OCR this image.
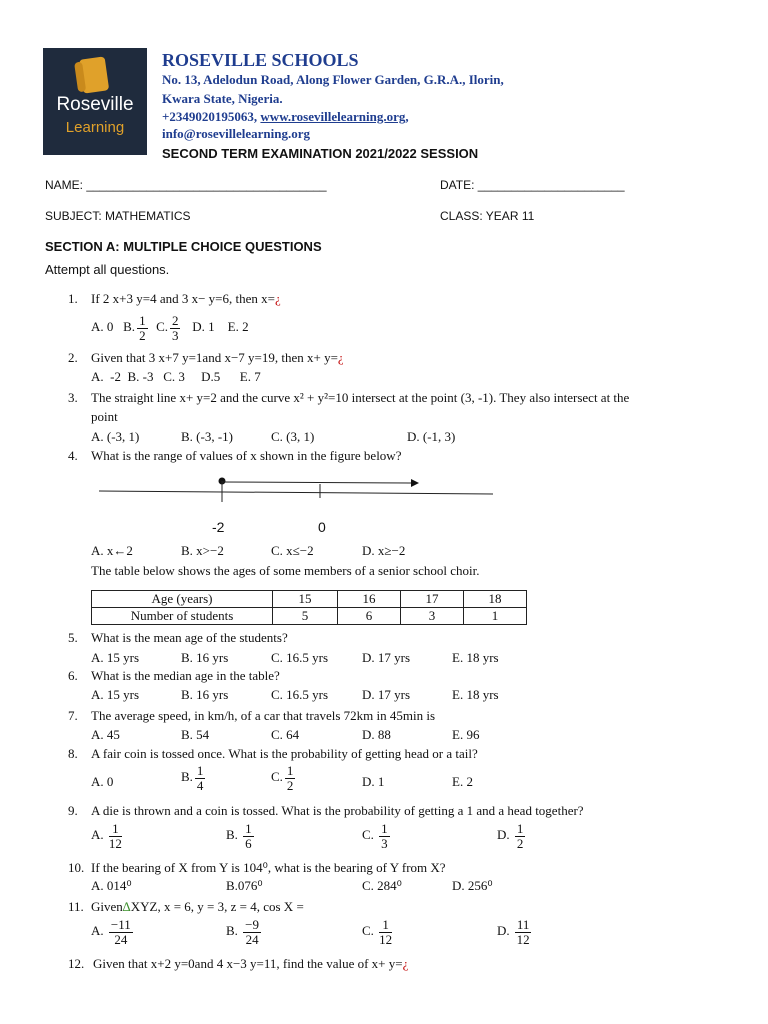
Roseville
Learning
ROSEVILLE SCHOOLS
No. 13, Adelodun Road, Along Flower Garden, G.R.A., Ilorin,
Kwara State, Nigeria.
+2349020195063, www.rosevillelearning.org,
info@rosevillelearning.org
SECOND TERM EXAMINATION 2021/2022 SESSION
NAME: ____________________________________	DATE: ______________________
SUBJECT: MATHEMATICS	CLASS: YEAR 11
SECTION A: MULTIPLE CHOICE QUESTIONS
Attempt all questions.
1. If 2 x+3 y=4 and 3 x− y=6, then x=¿
A. 0 B. $\frac{1}{2} C$. $\frac{2}{3} D$. 1 E. 2
2. Given that 3 x+7 y=1and x−7 y=19, then x+ y=¿
A.  -2  B. -3   C. 3     D.5      E. 7
3. The straight line x+ y=2 and the curve x² + y²=10 intersect at the point (3, -1). They also intersect at the
point
A. (-3, 1)	B. (-3, -1)	C. (3, 1)	D. (-1, 3)
4. What is the range of values of x shown in the figure below?
-2	0
A. x←2	B. x>−2	C. x≤−2	D. x≥−2
The table below shows the ages of some members of a senior school choir.
Age (years)	15	16	17	18
Number of students	5	6	3	1
5. What is the mean age of the students?
A. 15 yrs	B. 16 yrs	C. 16.5 yrs	D. 17 yrs	E. 18 yrs
6. What is the median age in the table?
A. 15 yrs	B. 16 yrs	C. 16.5 yrs	D. 17 yrs	E. 18 yrs
7. The average speed, in km/h, of a car that travels 72km in 45min is
A. 45	B. 54	C. 64	D. 88	E. 96
8. A fair coin is tossed once. What is the probability of getting head or a tail?
A. 0	B. $\frac{1}{4}$	C. $\frac{1}{2}$	D. 1	E. 2
9. A die is thrown and a coin is tossed. What is the probability of getting a 1 and a head together?
A. $\frac{1}{12}$	B. $\frac{1}{6}$	C. $\frac{1}{3}$	D. $\frac{1}{2}$
10. If the bearing of X from Y is 104⁰, what is the bearing of Y from X?
A. 014⁰	B.076⁰	C. 284⁰	D. 256⁰
11. Given∆XYZ, x = 6, y = 3, z = 4, cos X =
A. $\frac{-11}{24}$	B. $\frac{-9}{24}$	C. $\frac{1}{12}$	D. $\frac{11}{12}$
12. Given that x+2 y=0and 4 x−3 y=11, find the value of x+ y=¿
